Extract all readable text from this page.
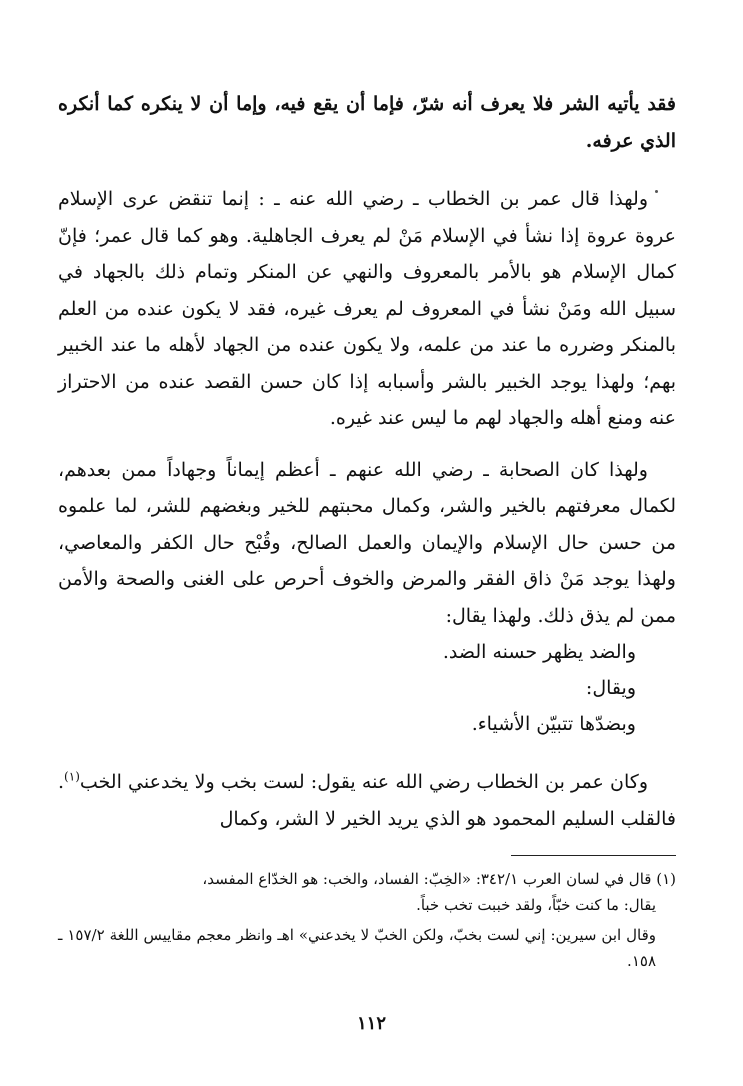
فقد يأتيه الشر فلا يعرف أنه شرّ، فإما أن يقع فيه، وإما أن لا ينكره كما أنكره الذي عرفه.

ولهذا قال عمر بن الخطاب ـ رضي الله عنه ـ : إنما تنقض عرى الإسلام عروة عروة إذا نشأ في الإسلام مَنْ لم يعرف الجاهلية. وهو كما قال عمر؛ فإنّ كمال الإسلام هو بالأمر بالمعروف والنهي عن المنكر وتمام ذلك بالجهاد في سبيل الله ومَنْ نشأ في المعروف لم يعرف غيره، فقد لا يكون عنده من العلم بالمنكر وضرره ما عند من علمه، ولا يكون عنده من الجهاد لأهله ما عند الخبير بهم؛ ولهذا يوجد الخبير بالشر وأسبابه إذا كان حسن القصد عنده من الاحتراز عنه ومنع أهله والجهاد لهم ما ليس عند غيره.

ولهذا كان الصحابة ـ رضي الله عنهم ـ أعظم إيماناً وجهاداً ممن بعدهم، لكمال معرفتهم بالخير والشر، وكمال محبتهم للخير وبغضهم للشر، لما علموه من حسن حال الإسلام والإيمان والعمل الصالح، وقُبْح حال الكفر والمعاصي، ولهذا يوجد مَنْ ذاق الفقر والمرض والخوف أحرص على الغنى والصحة والأمن ممن لم يذق ذلك. ولهذا يقال:

والضد يظهر حسنه الضد.

ويقال:

وبضدّها تتبيّن الأشياء.

وكان عمر بن الخطاب رضي الله عنه يقول: لست بخب ولا يخدعني الخب$^{(١)}$. فالقلب السليم المحمود هو الذي يريد الخير لا الشر، وكمال

(١) قال في لسان العرب ٣٤٢/١: «الخِبّ: الفساد، والخب: هو الخدّاع المفسد،

يقال: ما كنت خبّاً، ولقد خببت تخب خباً.

وقال ابن سيرين: إني لست بخبّ، ولكن الخبّ لا يخدعني» اهـ وانظر معجم مقاييس اللغة ١٥٧/٢ ـ ١٥٨.

١١٢
